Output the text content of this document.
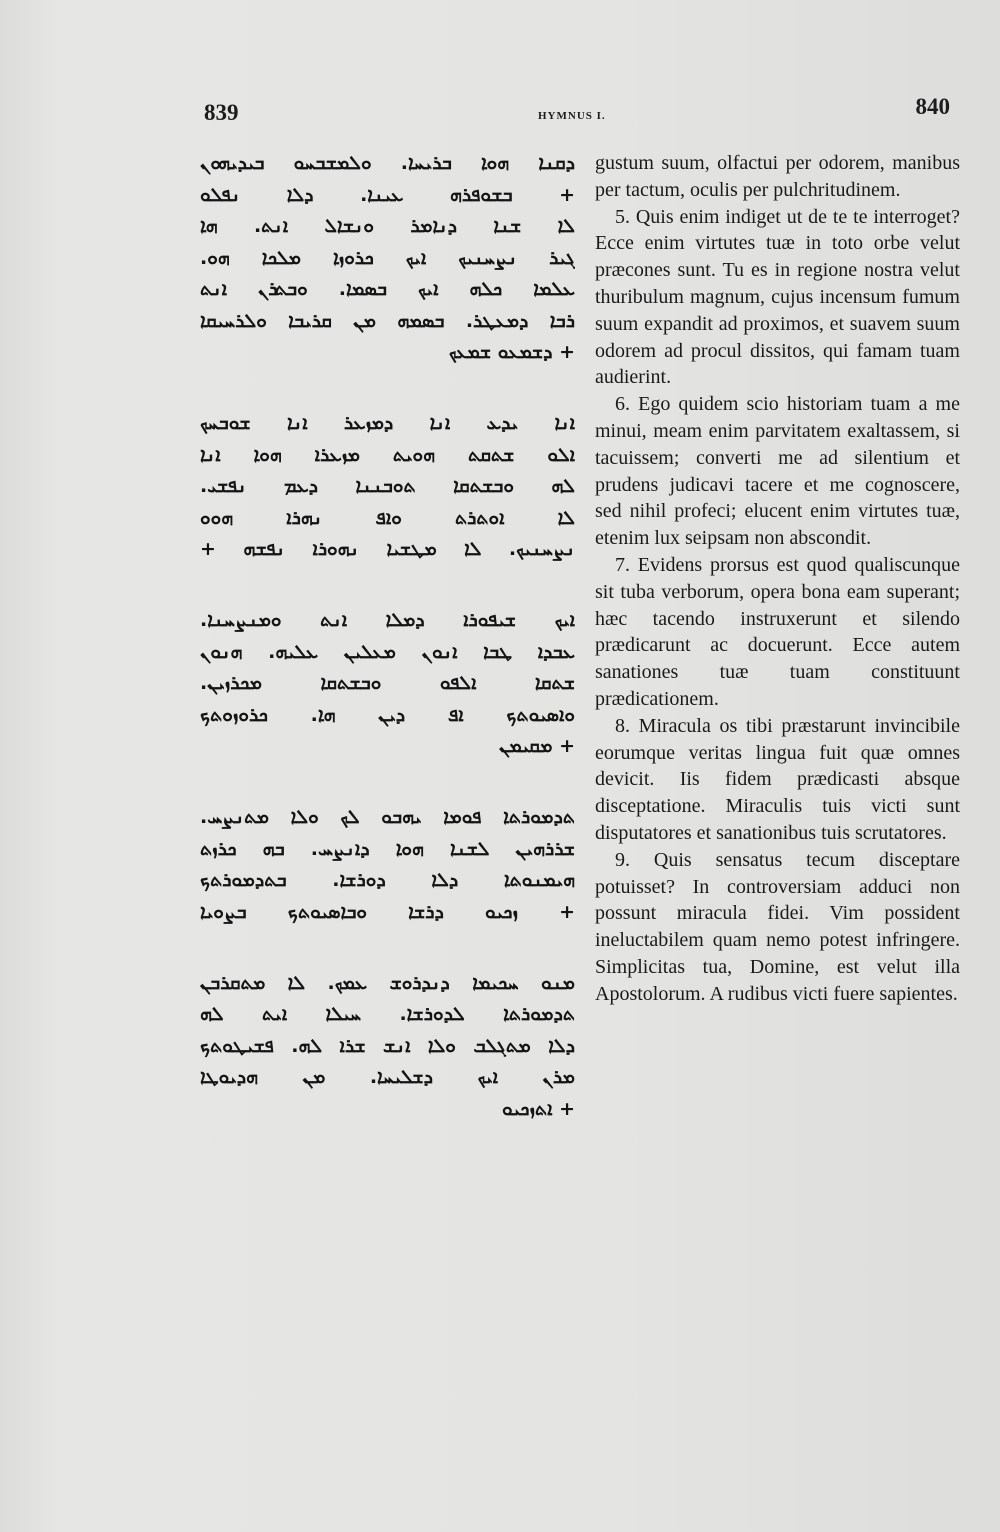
839	HYMNUS I.	840
ܕܩܢܐ ܗܘܐ ܒܪܝܚܐ. ܘܠܡܫܒܚܘ ܒܝܕܝܗܘܢ
+ ܒܫܘܦܪܗ ܥܝܢܐ. ܕܠܐ ܢܦܠܘ
ܠܐ ܫܢܐ ܕܢܐܡܪ ܘܢܫܐܠ ܐܢܬ. ܗܐ
ܓܝܪ ܢܨܚܢܝܟ ܐܝܟ ܟܪܘܙܐ ܡܠܟܐ ܗܘ.
ܥܠܡܐ ܟܠܗ ܐܝܟ ܒܣܡܐ. ܘܒܬܪܢ ܐܢܬ
ܪܒܐ ܕܡܥܛܪ. ܒܣܡܗ ܡܢ ܩܪܝܒܐ ܘܠܪܚܝܩܐ
+ ܕܫܡܥܘ ܫܡܥܟ
ܐܢܐ ܝܕܥ ܐܢܐ ܕܡܙܥܪ ܐܢܐ ܫܘܒܚܟ
ܐܠܘ ܫܬܩܬ ܗܘܝܬ ܡܙܥܪܐ ܗܘܐ ܐܢܐ
ܠܗ ܘܒܫܬܩܐ ܬܘܒܢܢܐ ܕܥܡ ܢܦܫܝ.
ܠܐ ܐܘܬܪܬ ܘܐܦ ܢܗܪܐ ܗܘܘ
ܢܨܚܢܝܟ. ܠܐ ܡܛܫܝܐ ܢܗܘܪܐ ܢܦܫܗ +
ܐܝܟ ܫܝܦܘܪܐ ܕܡܠܐ ܐܢܬ ܘܡܢܨܚܢܐ.
ܥܒܕܐ ܛܒܐ ܐܢܘܢ ܡܥܠܝܢ ܥܠܝܗ. ܗܢܘܢ
ܫܬܩܐ ܐܠܦܘ ܘܒܫܬܩܐ ܡܟܪܙܝܢ.
ܘܐܣܝܘܬܟ ܐܦ ܕܝܢ ܗܐ. ܟܪܘܙܘܬܟ
+ ܡܩܝܡܢ
ܬܕܡܘܪܬܐ ܦܘܡܐ ܝܗܒܘ ܠܟ ܘܠܐ ܡܬܢܨܚ.
ܫܪܪܗܝܢ ܠܫܢܐ ܗܘܐ ܕܐܢܨܚ. ܒܗ ܟܪܙܬ
ܗܝܡܢܘܬܐ ܕܠܐ ܕܘܪܫܐ. ܒܬܕܡܘܪܬܟ
+ ܙܟܝܘ ܕܪܫܐ ܘܒܐܣܝܘܬܟ ܒܨܘܝܐ
ܡܢܘ ܚܟܝܡܐ ܕܢܕܪܘܫ ܥܡܟ. ܠܐ ܡܬܩܪܒܢ
ܬܕܡܘܪܬܐ ܠܕܘܪܫܐ. ܚܝܠܐ ܐܝܬ ܠܗ
ܕܠܐ ܡܬܓܠܒ ܘܠܐ ܐܢܫ ܫܪܐ ܠܗ. ܦܫܝܛܘܬܟ
ܡܪܢ ܐܝܟ ܕܫܠܝܚܐ. ܡܢ ܗܕܝܘܛܐ
+ ܐܬܙܟܝܘ

gustum suum, olfactui per odorem, manibus per tactum, oculis per pulchritudinem.

5. Quis enim indiget ut de te te interroget? Ecce enim virtutes tuæ in toto orbe velut præcones sunt. Tu es in regione nostra velut thuribulum magnum, cujus incensum fumum suum expandit ad proximos, et suavem suum odorem ad procul dissitos, qui famam tuam audierint.

6. Ego quidem scio historiam tuam a me minui, meam enim parvitatem exaltassem, si tacuissem; converti me ad silentium et prudens judicavi tacere et me cognoscere, sed nihil profeci; elucent enim virtutes tuæ, etenim lux seipsam non abscondit.

7. Evidens prorsus est quod qualiscunque sit tuba verborum, opera bona eam superant; hæc tacendo instruxerunt et silendo prædicarunt ac docuerunt. Ecce autem sanationes tuæ tuam constituunt prædicationem.

8. Miracula os tibi præstarunt invincibile eorumque veritas lingua fuit quæ omnes devicit. Iis fidem prædicasti absque disceptatione. Miraculis tuis victi sunt disputatores et sanationibus tuis scrutatores.

9. Quis sensatus tecum disceptare potuisset? In controversiam adduci non possunt miracula fidei. Vim possident ineluctabilem quam nemo potest infringere. Simplicitas tua, Domine, est velut illa Apostolorum. A rudibus victi fuere sapientes.
